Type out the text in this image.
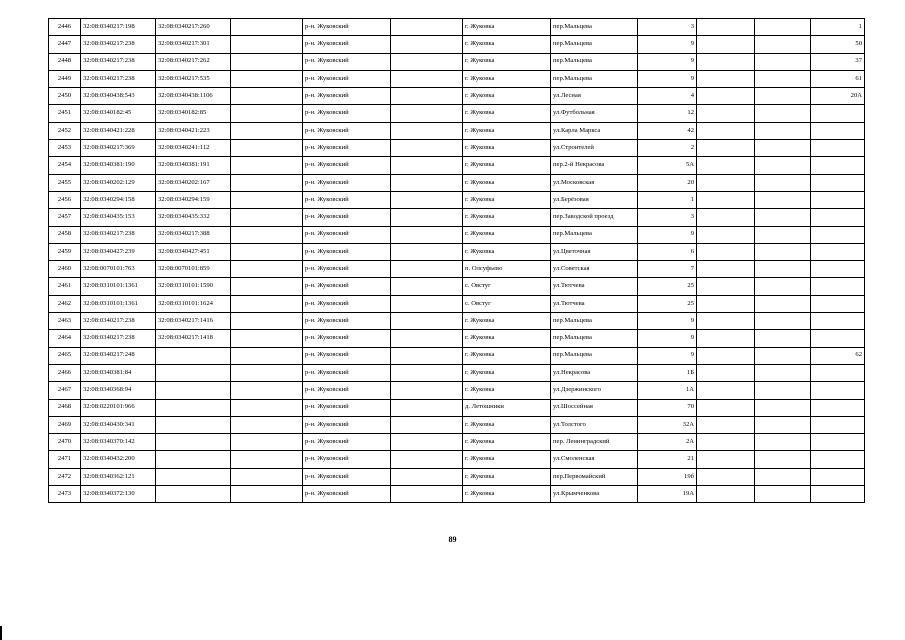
2446	32:08:0340217:198	32:08:0340217:260		р-н. Жуковский		г. Жуковка	пер.Мальцева	3			1
2447	32:08:0340217:238	32:08:0340217:301		р-н. Жуковский		г. Жуковка	пер.Мальцева	9			50
2448	32:08:0340217:238	32:08:0340217:262		р-н. Жуковский		г. Жуковка	пер.Мальцева	9			37
2449	32:08:0340217:238	32:08:0340217:535		р-н. Жуковский		г. Жуковка	пер.Мальцева	9			61
2450	32:08:0340438:543	32:08:0340438:1106		р-н. Жуковский		г. Жуковка	ул.Лесная	4			20А
2451	32:08:0340182:45	32:08:0340182:85		р-н. Жуковский		г. Жуковка	ул.Футбольная	12			
2452	32:08:0340421:228	32:08:0340421:223		р-н. Жуковский		г. Жуковка	ул.Карла Маркса	42			
2453	32:08:0340217:369	32:08:0340241:112		р-н. Жуковский		г. Жуковка	ул.Строителей	2			
2454	32:08:0340381:190	32:08:0340381:191		р-н. Жуковский		г. Жуковка	пер.2-й Некрасова	5А			
2455	32:08:0340202:129	32:08:0340202:167		р-н. Жуковский		г. Жуковка	ул.Московская	20			
2456	32:08:0340294:158	32:08:0340294:159		р-н. Жуковский		г. Жуковка	ул.Берёзовая	1			
2457	32:08:0340435:153	32:08:0340435:332		р-н. Жуковский		г. Жуковка	пер.Заводской проезд	3			
2458	32:08:0340217:238	32:08:0340217:388		р-н. Жуковский		г. Жуковка	пер.Мальцева	9			
2459	32:08:0340427:239	32:08:0340427:451		р-н. Жуковский		г. Жуковка	ул.Цветочная	6			
2460	32:08:0070101:763	32:08:0070101:859		р-н. Жуковский		п. Олсуфьево	ул.Советская	7			
2461	32:08:0310101:1361	32:08:0310101:1590		р-н. Жуковский		с. Овстуг	ул.Тютчева	25			
2462	32:08:0310101:1361	32:08:0310101:1624		р-н. Жуковский		с. Овстуг	ул.Тютчева	25			
2463	32:08:0340217:238	32:08:0340217:1416		р-н. Жуковский		г. Жуковка	пер.Мальцева	9			
2464	32:08:0340217:238	32:08:0340217:1418		р-н. Жуковский		г. Жуковка	пер.Мальцева	9			
2465	32:08:0340217:248			р-н. Жуковский		г. Жуковка	пер.Мальцева	9			62
2466	32:08:0340381:84			р-н. Жуковский		г. Жуковка	ул.Некрасова	1Б			
2467	32:08:0340368:94			р-н. Жуковский		г. Жуковка	ул.Дзержинского	1А			
2468	32:08:0220101:966			р-н. Жуковский		д. Летошники	ул.Шоссейная	70			
2469	32:08:0340430:341			р-н. Жуковский		г. Жуковка	ул.Толстого	32А			
2470	32:08:0340370:142			р-н. Жуковский		г. Жуковка	пер. Ленинградский	2А			
2471	32:08:0340432:200			р-н. Жуковский		г. Жуковка	ул.Смоленская	21			
2472	32:08:0340362:121			р-н. Жуковский		г. Жуковка	пер.Первомайский	19б			
2473	32:08:0340372:130			р-н. Жуковский		г. Жуковка	ул.Крымченкова	19А			
89
